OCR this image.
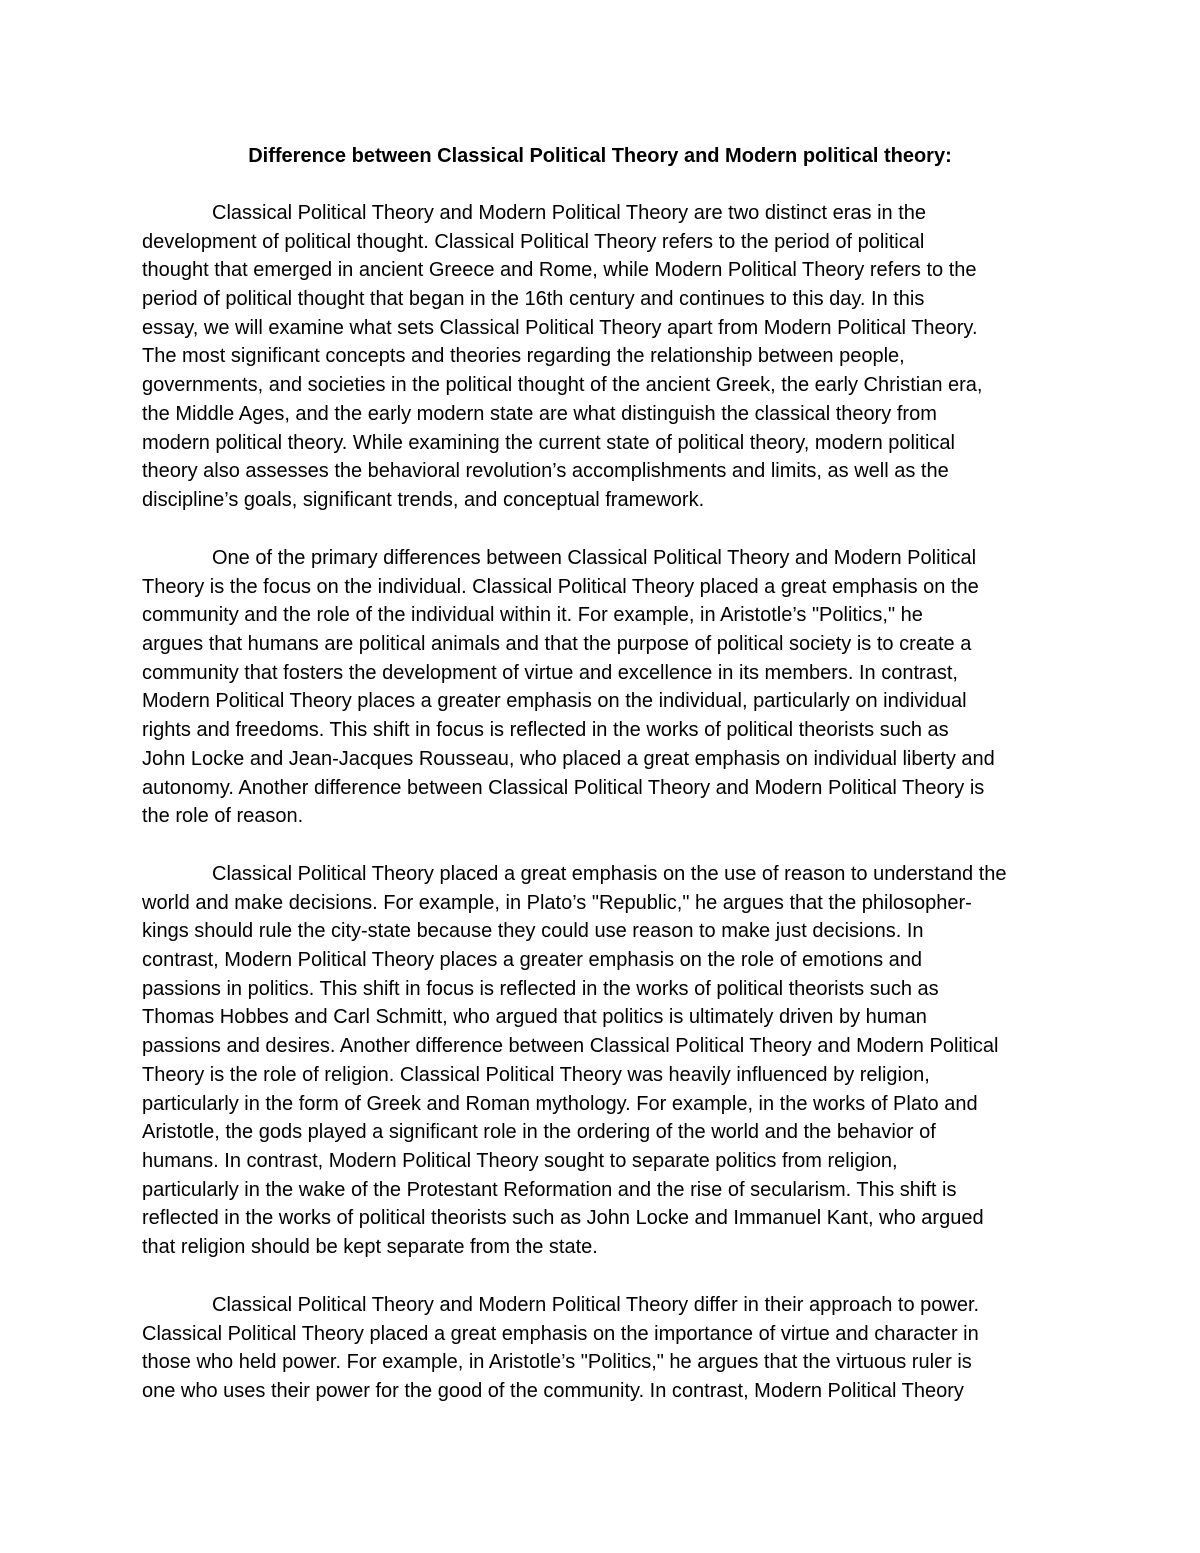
Difference between Classical Political Theory and Modern political theory:
Classical Political Theory and Modern Political Theory are two distinct eras in the
development of political thought. Classical Political Theory refers to the period of political
thought that emerged in ancient Greece and Rome, while Modern Political Theory refers to the
period of political thought that began in the 16th century and continues to this day. In this
essay, we will examine what sets Classical Political Theory apart from Modern Political Theory.
The most significant concepts and theories regarding the relationship between people,
governments, and societies in the political thought of the ancient Greek, the early Christian era,
the Middle Ages, and the early modern state are what distinguish the classical theory from
modern political theory. While examining the current state of political theory, modern political
theory also assesses the behavioral revolution’s accomplishments and limits, as well as the
discipline’s goals, significant trends, and conceptual framework.
One of the primary differences between Classical Political Theory and Modern Political
Theory is the focus on the individual. Classical Political Theory placed a great emphasis on the
community and the role of the individual within it. For example, in Aristotle’s "Politics," he
argues that humans are political animals and that the purpose of political society is to create a
community that fosters the development of virtue and excellence in its members. In contrast,
Modern Political Theory places a greater emphasis on the individual, particularly on individual
rights and freedoms. This shift in focus is reflected in the works of political theorists such as
John Locke and Jean-Jacques Rousseau, who placed a great emphasis on individual liberty and
autonomy. Another difference between Classical Political Theory and Modern Political Theory is
the role of reason.
Classical Political Theory placed a great emphasis on the use of reason to understand the
world and make decisions. For example, in Plato’s "Republic," he argues that the philosopher-
kings should rule the city-state because they could use reason to make just decisions. In
contrast, Modern Political Theory places a greater emphasis on the role of emotions and
passions in politics. This shift in focus is reflected in the works of political theorists such as
Thomas Hobbes and Carl Schmitt, who argued that politics is ultimately driven by human
passions and desires. Another difference between Classical Political Theory and Modern Political
Theory is the role of religion. Classical Political Theory was heavily influenced by religion,
particularly in the form of Greek and Roman mythology. For example, in the works of Plato and
Aristotle, the gods played a significant role in the ordering of the world and the behavior of
humans. In contrast, Modern Political Theory sought to separate politics from religion,
particularly in the wake of the Protestant Reformation and the rise of secularism. This shift is
reflected in the works of political theorists such as John Locke and Immanuel Kant, who argued
that religion should be kept separate from the state.
Classical Political Theory and Modern Political Theory differ in their approach to power.
Classical Political Theory placed a great emphasis on the importance of virtue and character in
those who held power. For example, in Aristotle’s "Politics," he argues that the virtuous ruler is
one who uses their power for the good of the community. In contrast, Modern Political Theory
